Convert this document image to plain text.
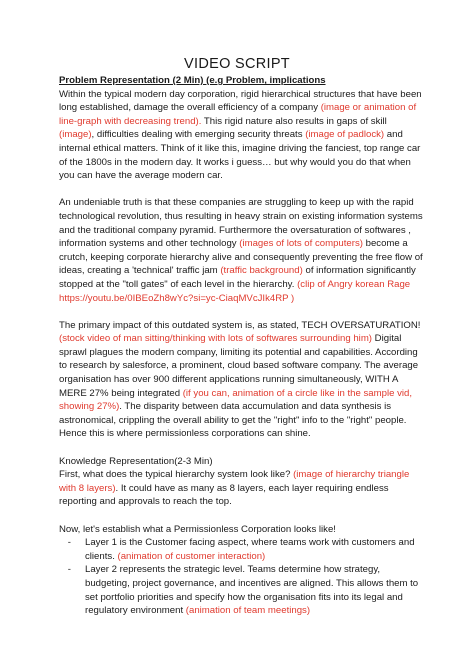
VIDEO SCRIPT

Problem Representation (2 Min) (e.g Problem, implications

Within the typical modern day corporation, rigid hierarchical structures that have been long established, damage the overall efficiency of a company (image or animation of line-graph with decreasing trend). This rigid nature also results in gaps of skill (image), difficulties dealing with emerging security threats (image of padlock) and internal ethical matters. Think of it like this, imagine driving the fanciest, top range car of the 1800s in the modern day. It works i guess… but why would you do that when you can have the average modern car.

An undeniable truth is that these companies are struggling to keep up with the rapid technological revolution, thus resulting in heavy strain on existing information systems and the traditional company pyramid. Furthermore the oversaturation of softwares , information systems and other technology (images of lots of computers) become a crutch, keeping corporate hierarchy alive and consequently preventing the free flow of ideas, creating a 'technical' traffic jam (traffic background) of information significantly stopped at the "toll gates" of each level in the hierarchy. (clip of Angry korean Rage https://youtu.be/0IBEoZh8wYc?si=yc-CiaqMVcJIk4RP )

The primary impact of this outdated system is, as stated, TECH OVERSATURATION! (stock video of man sitting/thinking with lots of softwares surrounding him) Digital sprawl plagues the modern company, limiting its potential and capabilities. According to research by salesforce, a prominent, cloud based software company. The average organisation has over 900 different applications running simultaneously, WITH A MERE 27% being integrated (if you can, animation of a circle like in the sample vid, showing 27%). The disparity between data accumulation and data synthesis is astronomical, crippling the overall ability to get the "right" info to the "right" people. Hence this is where permissionless corporations can shine.

Knowledge Representation(2-3 Min)

First, what does the typical hierarchy system look like? (image of hierarchy triangle with 8 layers). It could have as many as 8 layers, each layer requiring endless reporting and approvals to reach the top.

Now, let's establish what a Permissionless Corporation looks like!

- Layer 1 is the Customer facing aspect, where teams work with customers and clients. (animation of customer interaction)
- Layer 2 represents the strategic level. Teams determine how strategy, budgeting, project governance, and incentives are aligned. This allows them to set portfolio priorities and specify how the organisation fits into its legal and regulatory environment (animation of team meetings)
